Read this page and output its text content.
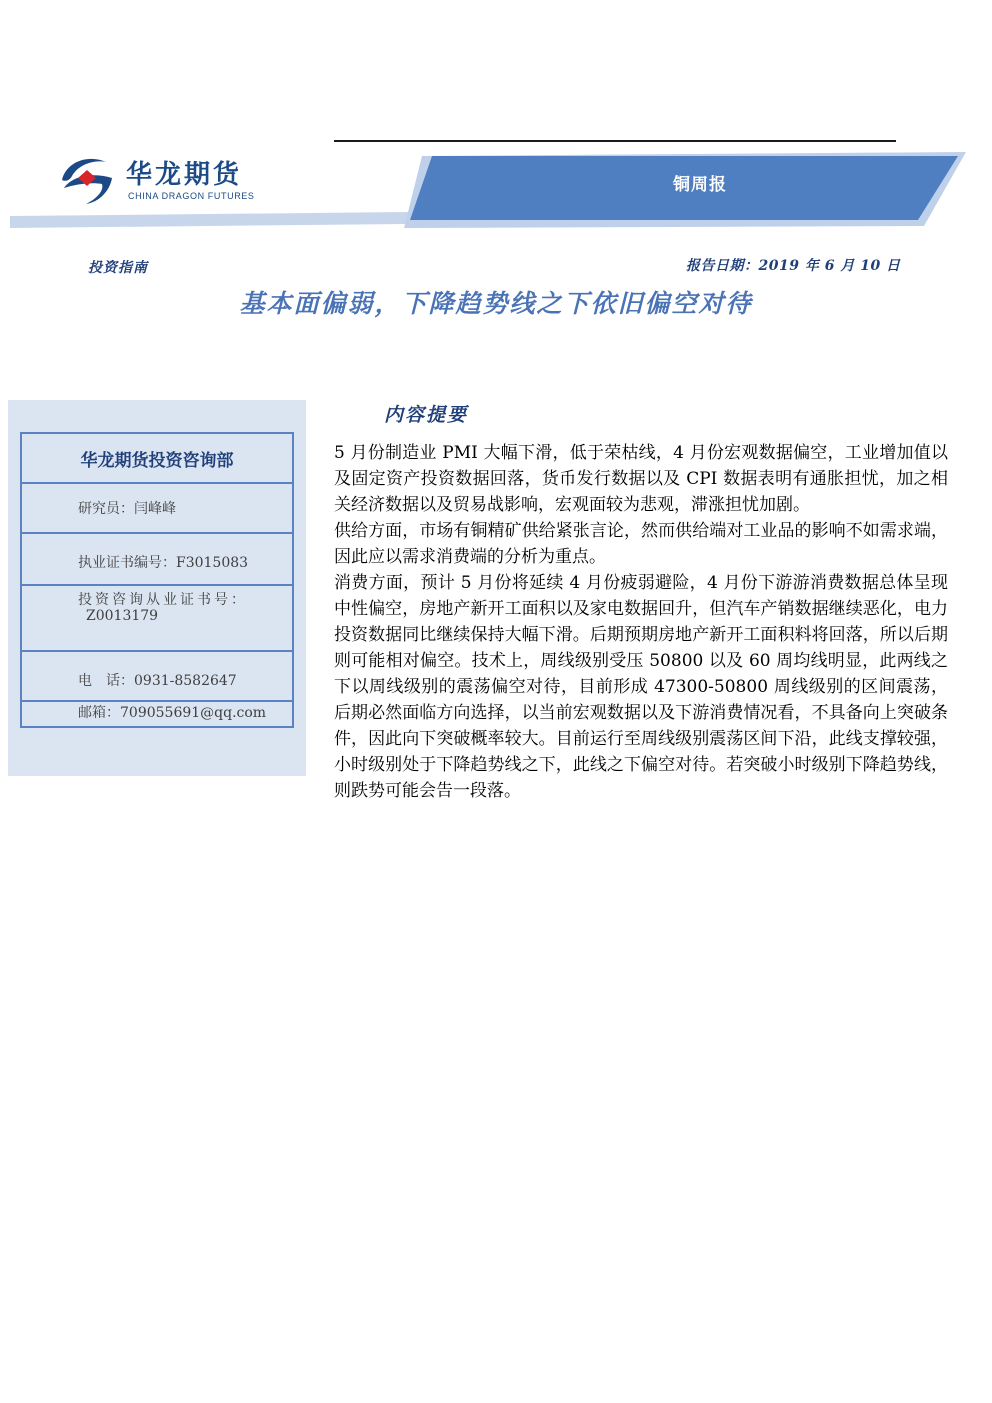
铜周报
华龙期货
CHINA DRAGON FUTURES
投资指南	报告日期：2019 年 6 月 10 日
基本面偏弱，下降趋势线之下依旧偏空对待
华龙期货投资咨询部
研究员：闫峰峰
执业证书编号：F3015083
投资咨询从业证书号：
Z0013179
电　话：0931-8582647
邮箱：709055691@qq.com
内容提要

5 月份制造业 PMI 大幅下滑，低于荣枯线，4 月份宏观数据偏空，工业增加值以及固定资产投资数据回落，货币发行数据以及 CPI 数据表明有通胀担忧，加之相关经济数据以及贸易战影响，宏观面较为悲观，滞涨担忧加剧。

供给方面，市场有铜精矿供给紧张言论，然而供给端对工业品的影响不如需求端，因此应以需求消费端的分析为重点。

消费方面，预计 5 月份将延续 4 月份疲弱避险，4 月份下游游消费数据总体呈现中性偏空，房地产新开工面积以及家电数据回升，但汽车产销数据继续恶化，电力投资数据同比继续保持大幅下滑。后期预期房地产新开工面积料将回落，所以后期则可能相对偏空。技术上，周线级别受压 50800 以及 60 周均线明显，此两线之下以周线级别的震荡偏空对待，目前形成 47300-50800 周线级别的区间震荡，后期必然面临方向选择，以当前宏观数据以及下游消费情况看，不具备向上突破条件，因此向下突破概率较大。目前运行至周线级别震荡区间下沿，此线支撑较强，小时级别处于下降趋势线之下，此线之下偏空对待。若突破小时级别下降趋势线，则跌势可能会告一段落。
